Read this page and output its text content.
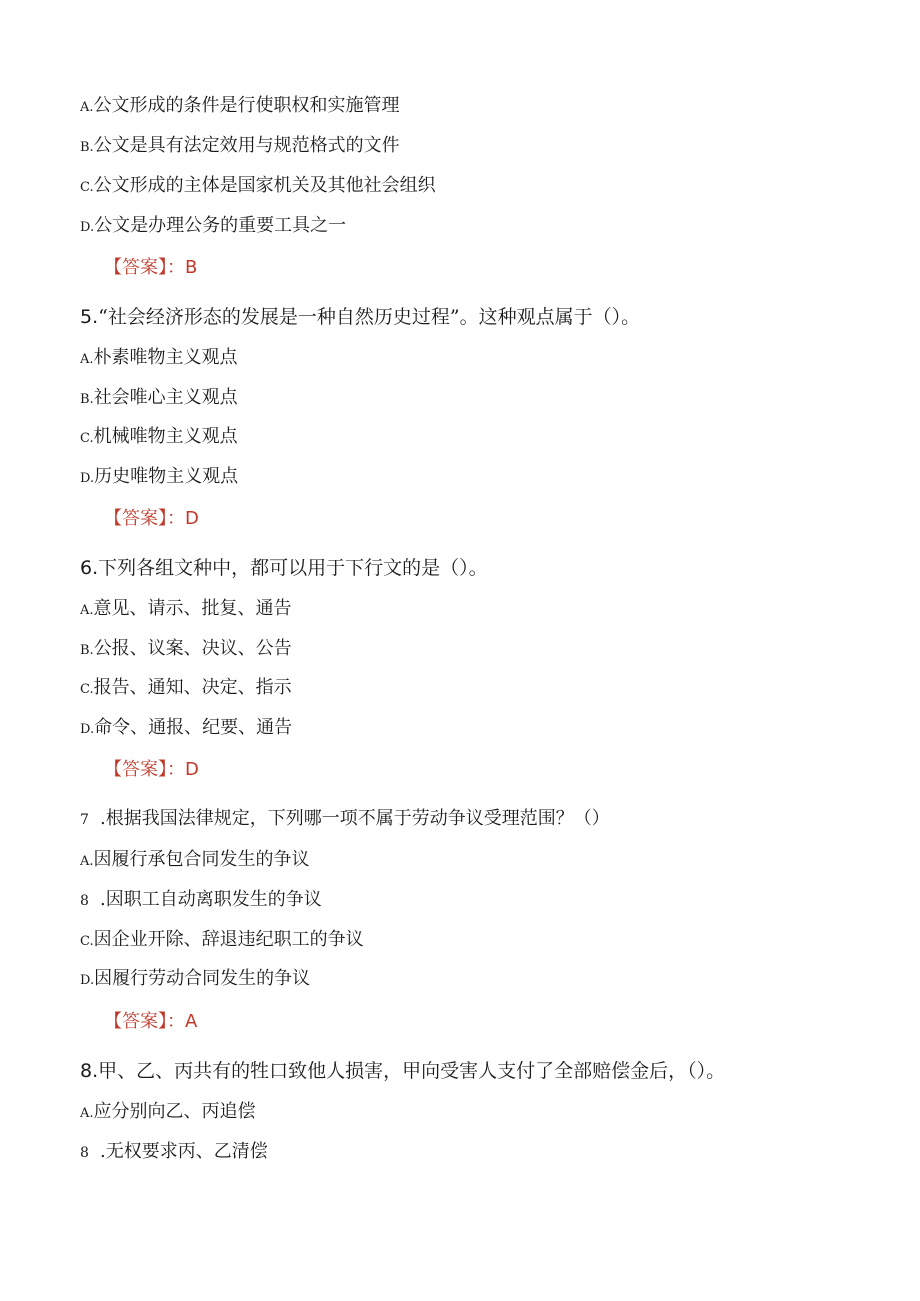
A.公文形成的条件是行使职权和实施管理
B.公文是具有法定效用与规范格式的文件
C.公文形成的主体是国家机关及其他社会组织
D.公文是办理公务的重要工具之一
【答案】：B
5.“社会经济形态的发展是一种自然历史过程”。这种观点属于（）。
A.朴素唯物主义观点
B.社会唯心主义观点
C.机械唯物主义观点
D.历史唯物主义观点
【答案】：D
6.下列各组文种中，都可以用于下行文的是（）。
A.意见、请示、批复、通告
B.公报、议案、决议、公告
C.报告、通知、决定、指示
D.命令、通报、纪要、通告
【答案】：D
7 .根据我国法律规定，下列哪一项不属于劳动争议受理范围？（）
A.因履行承包合同发生的争议
8 .因职工自动离职发生的争议
C.因企业开除、辞退违纪职工的争议
D.因履行劳动合同发生的争议
【答案】：A
8.甲、乙、丙共有的牲口致他人损害，甲向受害人支付了全部赔偿金后，（）。
A.应分别向乙、丙追偿
8 .无权要求丙、乙清偿
